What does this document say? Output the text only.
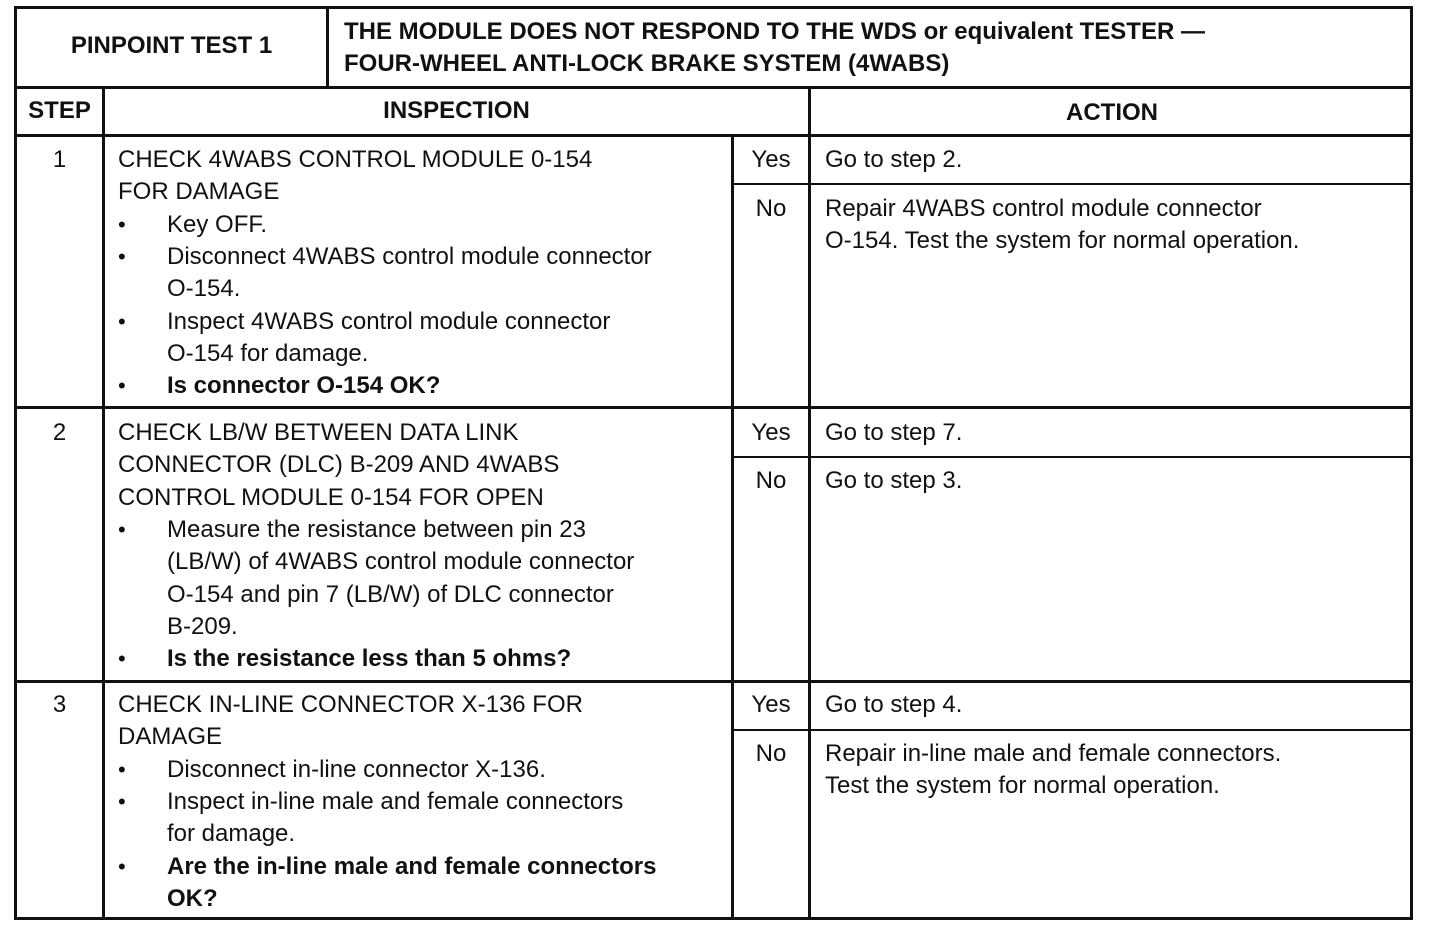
PINPOINT TEST 1
THE MODULE DOES NOT RESPOND TO THE WDS or equivalent TESTER —
FOUR-WHEEL ANTI-LOCK BRAKE SYSTEM (4WABS)
STEP	INSPECTION	ACTION
1	CHECK 4WABS CONTROL MODULE 0-154
FOR DAMAGE
• Key OFF.
• Disconnect 4WABS control module connector
O-154.
• Inspect 4WABS control module connector
O-154 for damage.
• Is connector O-154 OK?
Yes	Go to step 2.
No	Repair 4WABS control module connector
O-154. Test the system for normal operation.
2	CHECK LB/W BETWEEN DATA LINK
CONNECTOR (DLC) B-209 AND 4WABS
CONTROL MODULE 0-154 FOR OPEN
• Measure the resistance between pin 23
(LB/W) of 4WABS control module connector
O-154 and pin 7 (LB/W) of DLC connector
B-209.
• Is the resistance less than 5 ohms?
Yes	Go to step 7.
No	Go to step 3.
3	CHECK IN-LINE CONNECTOR X-136 FOR
DAMAGE
• Disconnect in-line connector X-136.
• Inspect in-line male and female connectors
for damage.
• Are the in-line male and female connectors
OK?
Yes	Go to step 4.
No	Repair in-line male and female connectors.
Test the system for normal operation.
